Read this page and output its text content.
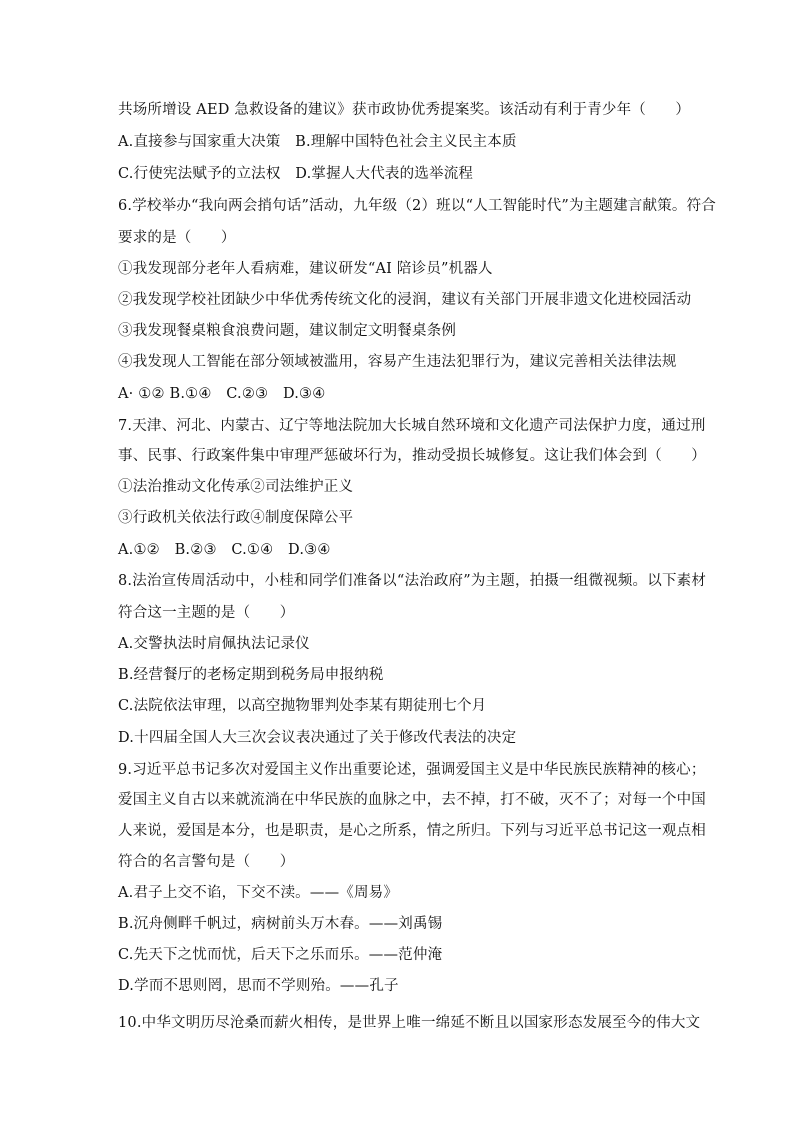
共场所增设 AED 急救设备的建议》获市政协优秀提案奖。该活动有利于青少年（　　）
A.直接参与国家重大决策　B.理解中国特色社会主义民主本质
C.行使宪法赋予的立法权　D.掌握人大代表的选举流程
6.学校举办“我向两会捎句话”活动，九年级（2）班以“人工智能时代”为主题建言献策。符合
要求的是（　　）
①我发现部分老年人看病难，建议研发“AI 陪诊员”机器人
②我发现学校社团缺少中华优秀传统文化的浸润，建议有关部门开展非遗文化进校园活动
③我发现餐桌粮食浪费问题，建议制定文明餐桌条例
④我发现人工智能在部分领域被滥用，容易产生违法犯罪行为，建议完善相关法律法规
A· ①② B.①④　C.②③　D.③④
7.天津、河北、内蒙古、辽宁等地法院加大长城自然环境和文化遗产司法保护力度，通过刑
事、民事、行政案件集中审理严惩破坏行为，推动受损长城修复。这让我们体会到（　　）
①法治推动文化传承②司法维护正义
③行政机关依法行政④制度保障公平
A.①②　B.②③　C.①④　D.③④
8.法治宣传周活动中，小桂和同学们准备以“法治政府”为主题，拍摄一组微视频。以下素材
符合这一主题的是（　　）
A.交警执法时肩佩执法记录仪
B.经营餐厅的老杨定期到税务局申报纳税
C.法院依法审理，以高空抛物罪判处李某有期徒刑七个月
D.十四届全国人大三次会议表决通过了关于修改代表法的决定
9.习近平总书记多次对爱国主义作出重要论述，强调爱国主义是中华民族民族精神的核心；
爱国主义自古以来就流淌在中华民族的血脉之中，去不掉，打不破，灭不了；对每一个中国
人来说，爱国是本分，也是职责，是心之所系，情之所归。下列与习近平总书记这一观点相
符合的名言警句是（　　）
A.君子上交不谄，下交不渎。——《周易》
B.沉舟侧畔千帆过，病树前头万木春。——刘禹锡
C.先天下之忧而忧，后天下之乐而乐。——范仲淹
D.学而不思则罔，思而不学则殆。——孔子
10.中华文明历尽沧桑而薪火相传，是世界上唯一绵延不断且以国家形态发展至今的伟大文
